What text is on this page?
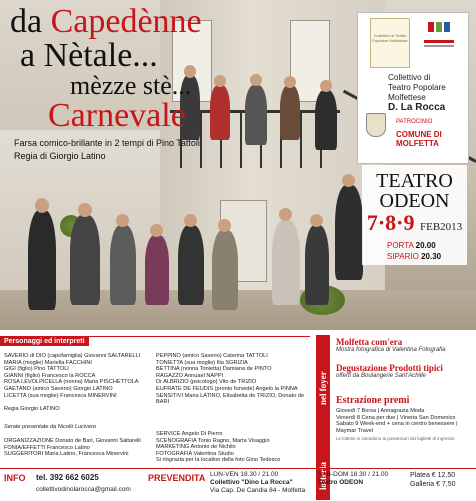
da Capedènne
a Nètale...
mèzze stè...
Carnevale
Farsa comico-brillante in 2 tempi di Pino Tattoli
Regia di Giorgio Latino
Collettivo di Teatro Popolare Molfettese
Collettivo di
Teatro Popolare
Molfettese
D. La Rocca
PATROCINIO
COMUNE DI
MOLFETTA
TEATRO
ODEON
7·8·9 FEB2013
PORTA 20.00
SIPARIO 20.30
Personaggi ed interpreti
SAVERIO di DIO (capofamiglia) Giovanni SALTARELLI
MARIA (moglie) Mariella FACCHINI
GIGI (figlio) Pino TATTOLI
GIANNI (figlio) Francesco la ROCCA
ROSA LEVOLPICELLA (nonna) Maria PISCHETTOLA
GAETANO (amico Saverio) Giorgio LATINO
LICETTA (sua moglie) Francesca MINERVINI
PEPPINO (amico Saverio) Caterina TATTOLI
TONIETTA (sua moglie) Ilia SGRIZIA
BETTINA (nonna Tonietta) Damiana de PINTO
RAGAZZO Annuael NAPPI
Dr ALBRIZIO (psicologo) Vito de TRIZIO
EUFRATE DE FEUDIS (pronto furvede) Angelo la PINNA
SENSITIVI Maria LATINO, Elisabetta de TRIZIO, Donato de BARI
Regia Giorgio LATINO
Serate presentate da Nicolò Lucivero
ORGANIZZAZIONE Donato de Bari, Giovanni Saltarelli
FONIA/EFFETTI Francesco Latino
SUGGERITORI Maria Latino, Francesca Minervini
SERVICE Angelo Di Pierro
SCENOGRAFIA Tonio Ragno, Marta Visaggio
MARKETING Antonio de Nichilo
FOTOGRAFIA Valentina Studio
Si ringrazia per la location della foto Gino Tedesco
nel foyer
lotteria
Molfetta com'era
Mostra fotografica di Valentina Fotografia
Degustazione Prodotti tipici
offerti da Boulangerie Sant'Achille
Estrazione premi
Giovedì 7 Borsa | Annagrazia Moda
Venerdì 8 Cena per due | Vineria San Domenico
Sabato 9 Week-end + cena in centro benessere | Maymar Travel
Le lotterie si intendono ai possessori dei biglietti di ingresso
INFO tel. 392 662 6025
collettivodinolarocca@gmail.com
PREVENDITA LUN-VEN 18.30 / 21.00
Collettivo "Dino La Rocca"
Via Cap. De Candia 84 - Molfetta
SAB-DOM 18.30 / 21.00
Teatro ODEON
Platea € 12,50
Galleria € 7,50
